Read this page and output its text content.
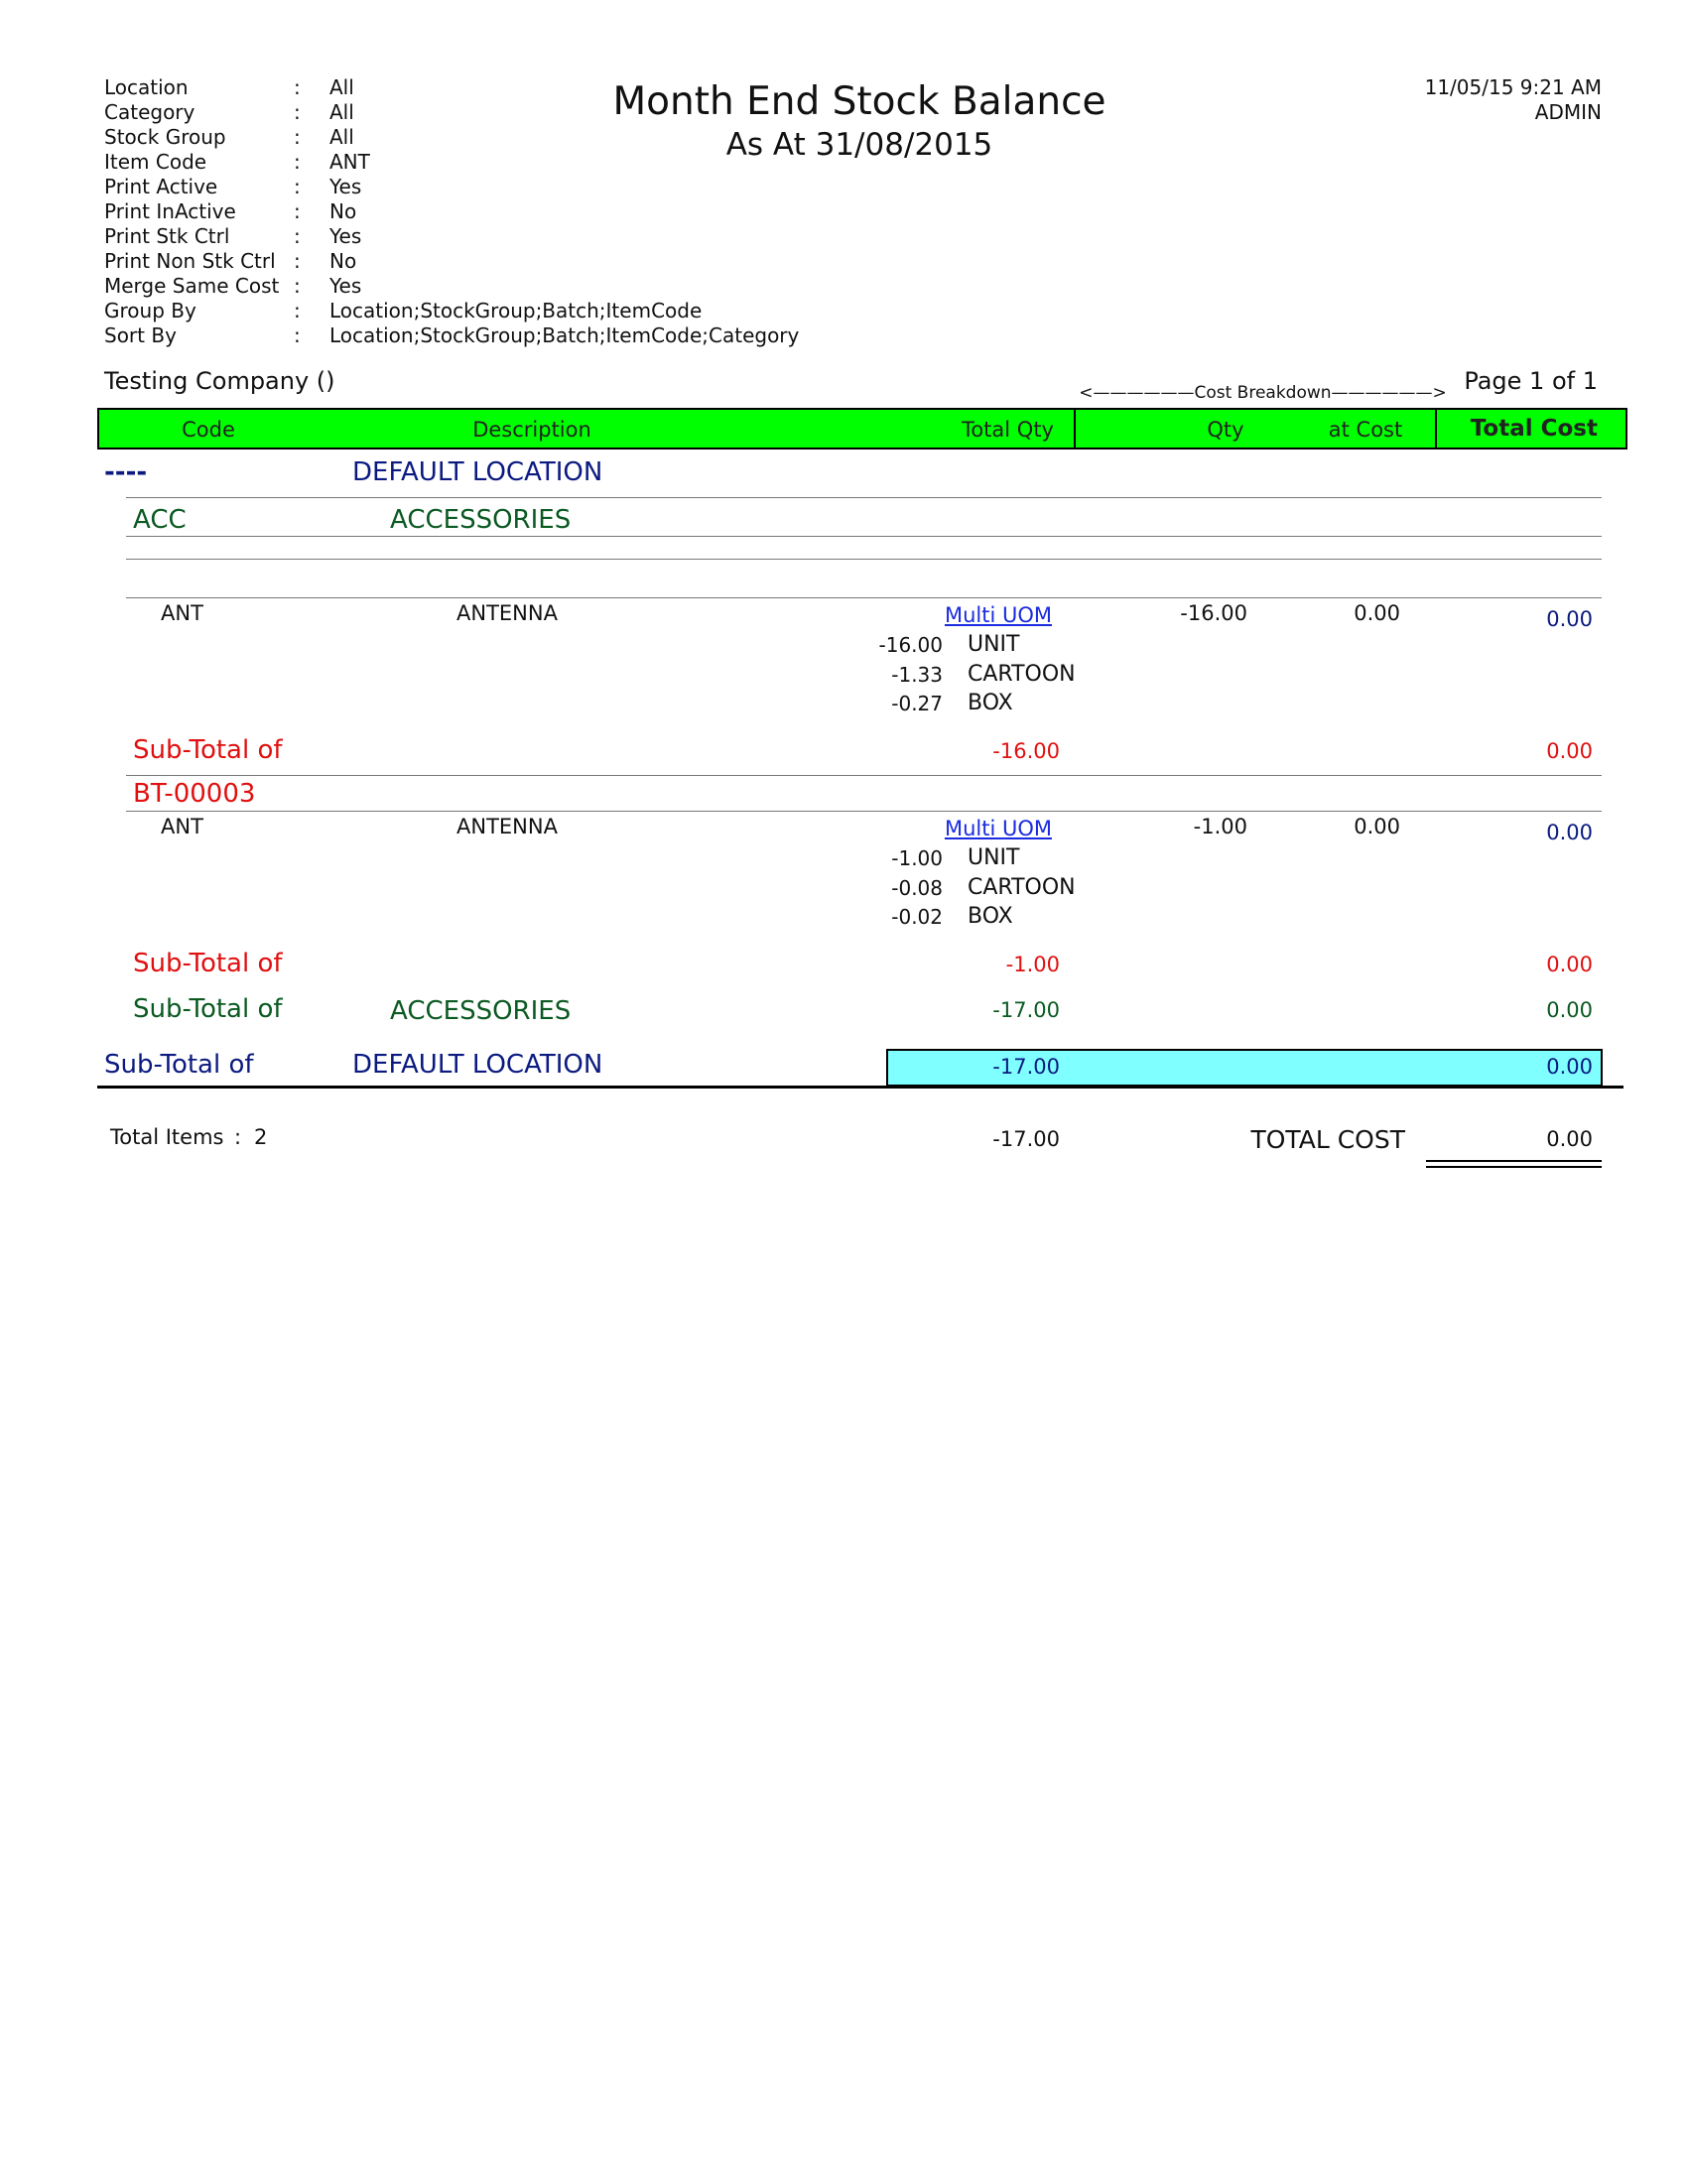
Location	: All
Category	: All
Stock Group	: All
Item Code	: ANT
Print Active	: Yes
Print InActive	: No
Print Stk Ctrl	: Yes
Print Non Stk Ctrl : No
Merge Same Cost : Yes
Group By	: Location;StockGroup;Batch;ItemCode
Sort By	: Location;StockGroup;Batch;ItemCode;Category
Month End Stock Balance
As At 31/08/2015
11/05/15 9:21 AM
ADMIN
Testing Company ()	<——————Cost Breakdown——————> Page 1 of 1
Code	Description	Total Qty	Qty	at Cost	Total Cost
----	DEFAULT LOCATION
ACC	ACCESSORIES
ANT	ANTENNA	Multi UOM	-16.00	0.00	0.00
-16.00 UNIT
-1.33 CARTOON
-0.27 BOX
Sub-Total of	-16.00	0.00
BT-00003
ANT	ANTENNA	Multi UOM	-1.00	0.00	0.00
-1.00 UNIT
-0.08 CARTOON
-0.02 BOX
Sub-Total of	-1.00	0.00
Sub-Total of	ACCESSORIES	-17.00	0.00
Sub-Total of	DEFAULT LOCATION	-17.00	0.00
Total Items : 2	-17.00	TOTAL COST	0.00
